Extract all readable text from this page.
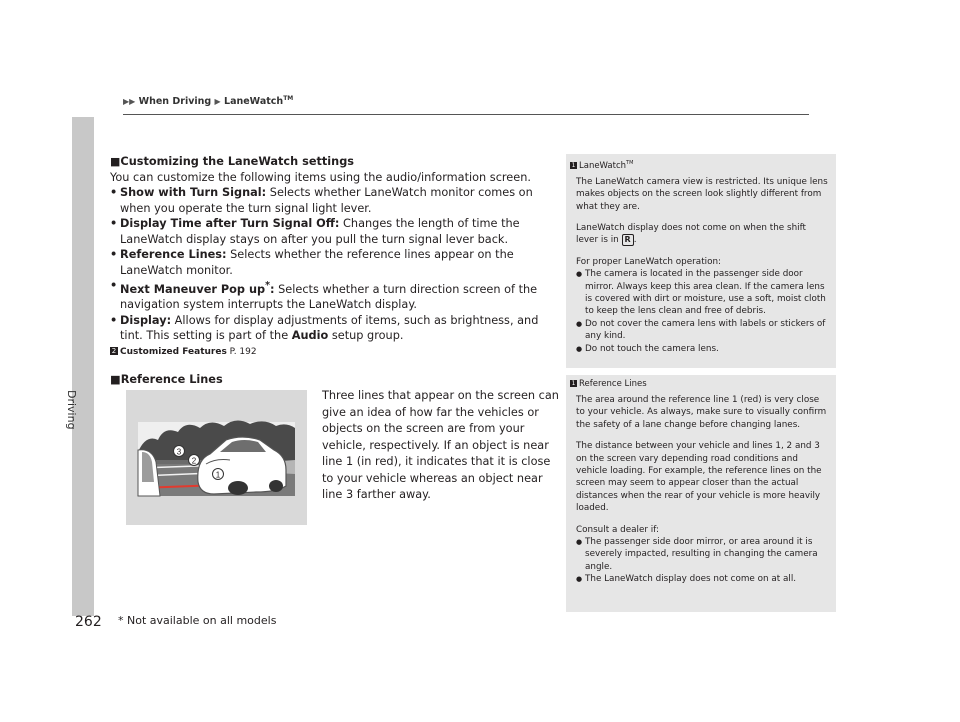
▶▶ When Driving ▶ LaneWatch™
Driving

■Customizing the LaneWatch settings

You can customize the following items using the audio/information screen.

• Show with Turn Signal: Selects whether LaneWatch monitor comes on when you operate the turn signal light lever.
• Display Time after Turn Signal Off: Changes the length of time the LaneWatch display stays on after you pull the turn signal lever back.
• Reference Lines: Selects whether the reference lines appear on the LaneWatch monitor.
• Next Maneuver Pop up*: Selects whether a turn direction screen of the navigation system interrupts the LaneWatch display.
• Display: Allows for display adjustments of items, such as brightness, and tint. This setting is part of the Audio setup group.
2 Customized Features P. 192
■Reference Lines
3
2
1

Three lines that appear on the screen can give an idea of how far the vehicles or objects on the screen are from your vehicle, respectively. If an object is near line 1 (in red), it indicates that it is close to your vehicle whereas an object near line 3 farther away.

1 LaneWatch™

The LaneWatch camera view is restricted. Its unique lens makes objects on the screen look slightly different from what they are.

LaneWatch display does not come on when the shift lever is in R .

For proper LaneWatch operation:

● The camera is located in the passenger side door mirror. Always keep this area clean. If the camera lens is covered with dirt or moisture, use a soft, moist cloth to keep the lens clean and free of debris.
● Do not cover the camera lens with labels or stickers of any kind.
● Do not touch the camera lens.
1 Reference Lines

The area around the reference line 1 (red) is very close to your vehicle. As always, make sure to visually confirm the safety of a lane change before changing lanes.

The distance between your vehicle and lines 1, 2 and 3 on the screen vary depending road conditions and vehicle loading. For example, the reference lines on the screen may seem to appear closer than the actual distances when the rear of your vehicle is more heavily loaded.

Consult a dealer if:

● The passenger side door mirror, or area around it is severely impacted, resulting in changing the camera angle.
● The LaneWatch display does not come on at all.
262 * Not available on all models
